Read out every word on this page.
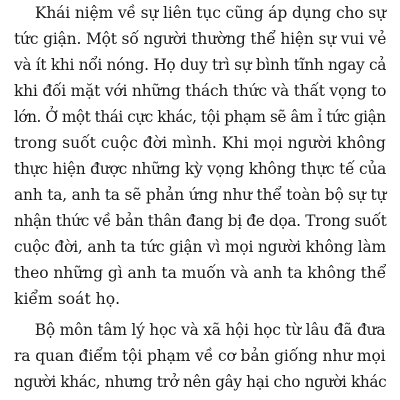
Khái niệm về sự liên tục cũng áp dụng cho sự
tức giận. Một số người thường thể hiện sự vui vẻ
và ít khi nổi nóng. Họ duy trì sự bình tĩnh ngay cả
khi đối mặt với những thách thức và thất vọng to
lớn. Ở một thái cực khác, tội phạm sẽ âm ỉ tức giận
trong suốt cuộc đời mình. Khi mọi người không
thực hiện được những kỳ vọng không thực tế của
anh ta, anh ta sẽ phản ứng như thể toàn bộ sự tự
nhận thức về bản thân đang bị đe dọa. Trong suốt
cuộc đời, anh ta tức giận vì mọi người không làm
theo những gì anh ta muốn và anh ta không thể
kiểm soát họ.
Bộ môn tâm lý học và xã hội học từ lâu đã đưa
ra quan điểm tội phạm về cơ bản giống như mọi
người khác, nhưng trở nên gây hại cho người khác
